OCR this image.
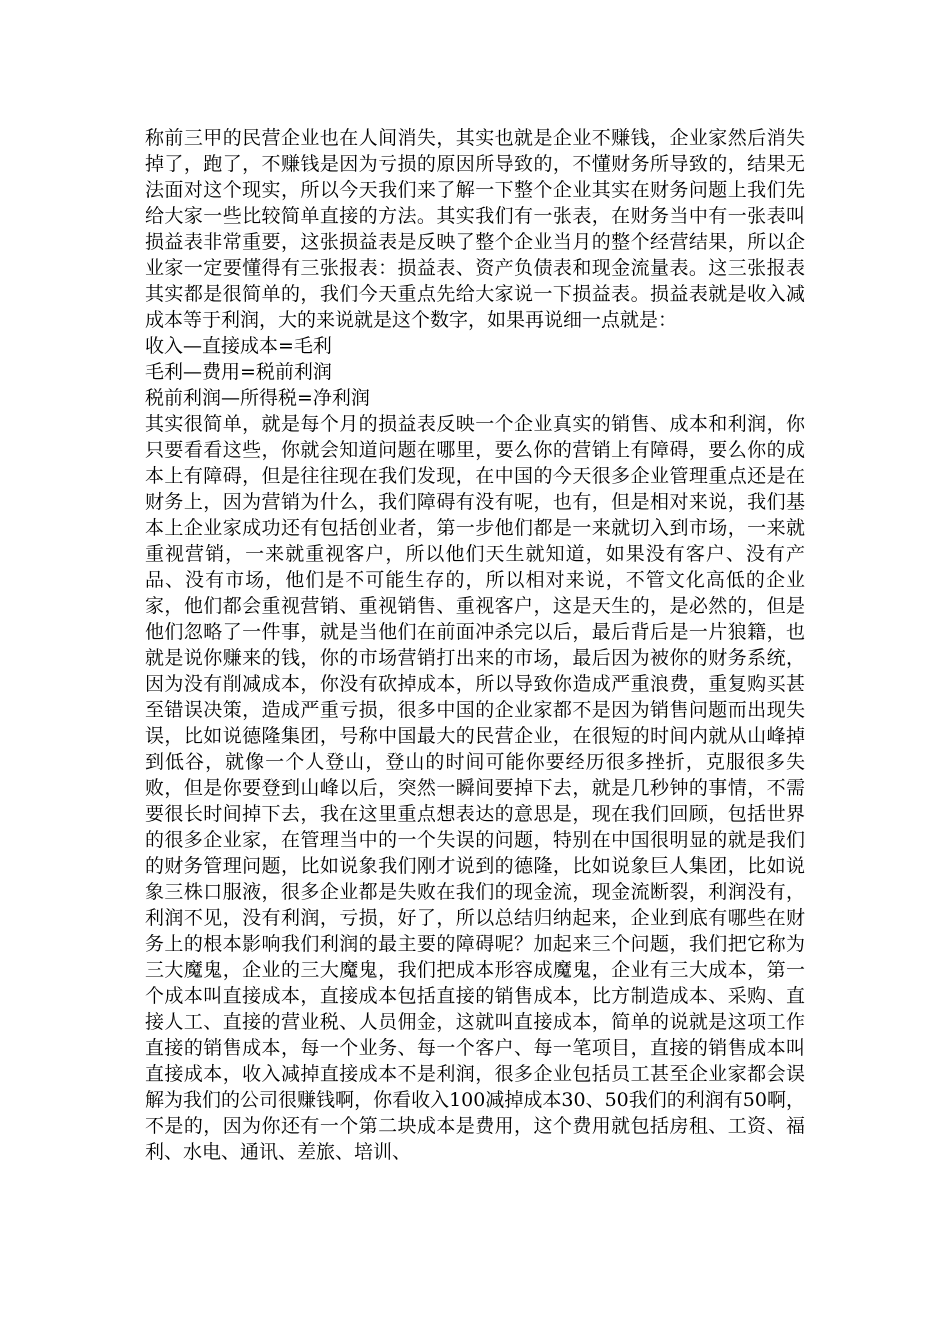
称前三甲的民营企业也在人间消失，其实也就是企业不赚钱，企业家然后消失掉了，跑了，不赚钱是因为亏损的原因所导致的，不懂财务所导致的，结果无法面对这个现实，所以今天我们来了解一下整个企业其实在财务问题上我们先给大家一些比较简单直接的方法。其实我们有一张表，在财务当中有一张表叫损益表非常重要，这张损益表是反映了整个企业当月的整个经营结果，所以企业家一定要懂得有三张报表：损益表、资产负债表和现金流量表。这三张报表其实都是很简单的，我们今天重点先给大家说一下损益表。损益表就是收入减成本等于利润，大的来说就是这个数字，如果再说细一点就是：

收入—直接成本=毛利

毛利—费用=税前利润

税前利润—所得税=净利润

其实很简单，就是每个月的损益表反映一个企业真实的销售、成本和利润，你只要看看这些，你就会知道问题在哪里，要么你的营销上有障碍，要么你的成本上有障碍，但是往往现在我们发现，在中国的今天很多企业管理重点还是在财务上，因为营销为什么，我们障碍有没有呢，也有，但是相对来说，我们基本上企业家成功还有包括创业者，第一步他们都是一来就切入到市场，一来就重视营销，一来就重视客户，所以他们天生就知道，如果没有客户、没有产品、没有市场，他们是不可能生存的，所以相对来说，不管文化高低的企业家，他们都会重视营销、重视销售、重视客户，这是天生的，是必然的，但是他们忽略了一件事，就是当他们在前面冲杀完以后，最后背后是一片狼籍，也就是说你赚来的钱，你的市场营销打出来的市场，最后因为被你的财务系统，因为没有削减成本，你没有砍掉成本，所以导致你造成严重浪费，重复购买甚至错误决策，造成严重亏损，很多中国的企业家都不是因为销售问题而出现失误，比如说德隆集团，号称中国最大的民营企业，在很短的时间内就从山峰掉到低谷，就像一个人登山，登山的时间可能你要经历很多挫折，克服很多失败，但是你要登到山峰以后，突然一瞬间要掉下去，就是几秒钟的事情，不需要很长时间掉下去，我在这里重点想表达的意思是，现在我们回顾，包括世界的很多企业家，在管理当中的一个失误的问题，特别在中国很明显的就是我们的财务管理问题，比如说象我们刚才说到的德隆，比如说象巨人集团，比如说象三株口服液，很多企业都是失败在我们的现金流，现金流断裂，利润没有，利润不见，没有利润，亏损，好了，所以总结归纳起来，企业到底有哪些在财务上的根本影响我们利润的最主要的障碍呢？加起来三个问题，我们把它称为三大魔鬼，企业的三大魔鬼，我们把成本形容成魔鬼，企业有三大成本，第一个成本叫直接成本，直接成本包括直接的销售成本，比方制造成本、采购、直接人工、直接的营业税、人员佣金，这就叫直接成本，简单的说就是这项工作直接的销售成本，每一个业务、每一个客户、每一笔项目，直接的销售成本叫直接成本，收入减掉直接成本不是利润，很多企业包括员工甚至企业家都会误解为我们的公司很赚钱啊，你看收入100减掉成本30、50我们的利润有50啊，不是的，因为你还有一个第二块成本是费用，这个费用就包括房租、工资、福利、水电、通讯、差旅、培训、
